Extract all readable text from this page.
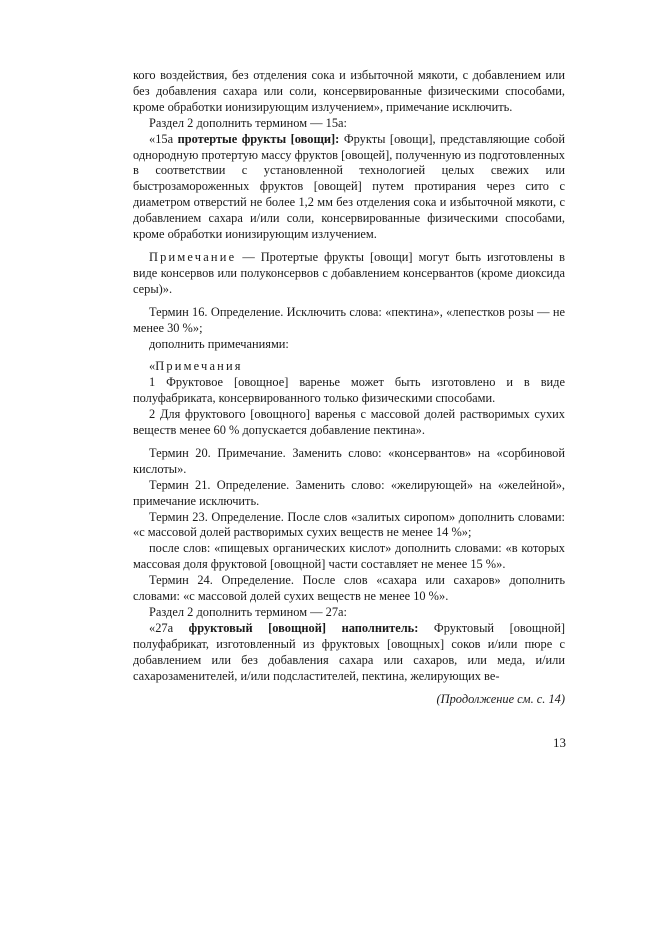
кого воздействия, без отделения сока и избыточной мякоти, с добавлением или без добавления сахара или соли, консервированные физическими способами, кроме обработки ионизирующим излучением», примечание исключить.

Раздел 2 дополнить термином — 15а:

«15а протертые фрукты [овощи]: Фрукты [овощи], представляющие собой однородную протертую массу фруктов [овощей], полученную из подготовленных в соответствии с установленной технологией целых свежих или быстрозамороженных фруктов [овощей] путем протирания через сито с диаметром отверстий не более 1,2 мм без отделения сока и избыточной мякоти, с добавлением сахара и/или соли, консервированные физическими способами, кроме обработки ионизирующим излучением.

Примечание — Протертые фрукты [овощи] могут быть изготовлены в виде консервов или полуконсервов с добавлением консервантов (кроме диоксида серы)».

Термин 16. Определение. Исключить слова: «пектина», «лепестков розы — не менее 30 %»;

дополнить примечаниями:

«Примечания

1 Фруктовое [овощное] варенье может быть изготовлено и в виде полуфабриката, консервированного только физическими способами.

2 Для фруктового [овощного] варенья с массовой долей растворимых сухих веществ менее 60 % допускается добавление пектина».

Термин 20. Примечание. Заменить слово: «консервантов» на «сорбиновой кислоты».

Термин 21. Определение. Заменить слово: «желирующей» на «желейной», примечание исключить.

Термин 23. Определение. После слов «залитых сиропом» дополнить словами: «с массовой долей растворимых сухих веществ не менее 14 %»;

после слов: «пищевых органических кислот» дополнить словами: «в которых массовая доля фруктовой [овощной] части составляет не менее 15 %».

Термин 24. Определение. После слов «сахара или сахаров» дополнить словами: «с массовой долей сухих веществ не менее 10 %».

Раздел 2 дополнить термином — 27а:

«27а фруктовый [овощной] наполнитель: Фруктовый [овощной] полуфабрикат, изготовленный из фруктовых [овощных] соков и/или пюре с добавлением или без добавления сахара или сахаров, или меда, и/или сахарозаменителей, и/или подсластителей, пектина, желирующих ве-

(Продолжение см. с. 14)

13
